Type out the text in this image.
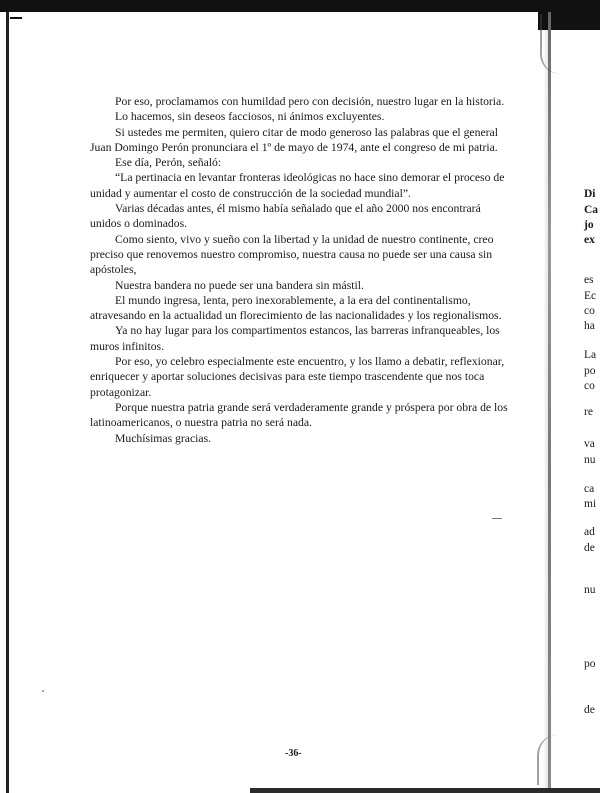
Por eso, proclamamos con humildad pero con decisión, nuestro lugar en la historia.

Lo hacemos, sin deseos facciosos, ni ánimos excluyentes.

Si ustedes me permiten, quiero citar de modo generoso las palabras que el general Juan Domingo Perón pronunciara el 1º de mayo de 1974, ante el congreso de mi patria.

Ese día, Perón, señaló:

“La pertinacia en levantar fronteras ideológicas no hace sino demorar el proceso de unidad y aumentar el costo de construcción de la sociedad mundial”.

Varias décadas antes, él mismo había señalado que el año 2000 nos encontrará unidos o dominados.

Como siento, vivo y sueño con la libertad y la unidad de nuestro continente, creo preciso que renovemos nuestro compromiso, nuestra causa no puede ser una causa sin apóstoles,

Nuestra bandera no puede ser una bandera sin mástil.

El mundo ingresa, lenta, pero inexorablemente, a la era del continentalismo, atravesando en la actualidad un florecimiento de las nacionalidades y los regionalismos.

Ya no hay lugar para los compartimentos estancos, las barreras infranqueables, los muros infinitos.

Por eso, yo celebro especialmente este encuentro, y los llamo a debatir, reflexionar, enriquecer y aportar soluciones decisivas para este tiempo trascendente que nos toca protagonizar.

Porque nuestra patria grande será verdaderamente grande y próspera por obra de los latinoamericanos, o nuestra patria no será nada.

Muchísimas gracias.

-36-
Di
Ca
jo
ex
es
Ec
co
ha
La
po
co
re
va
nu
ca
mi
ad
de
nu
po
de
